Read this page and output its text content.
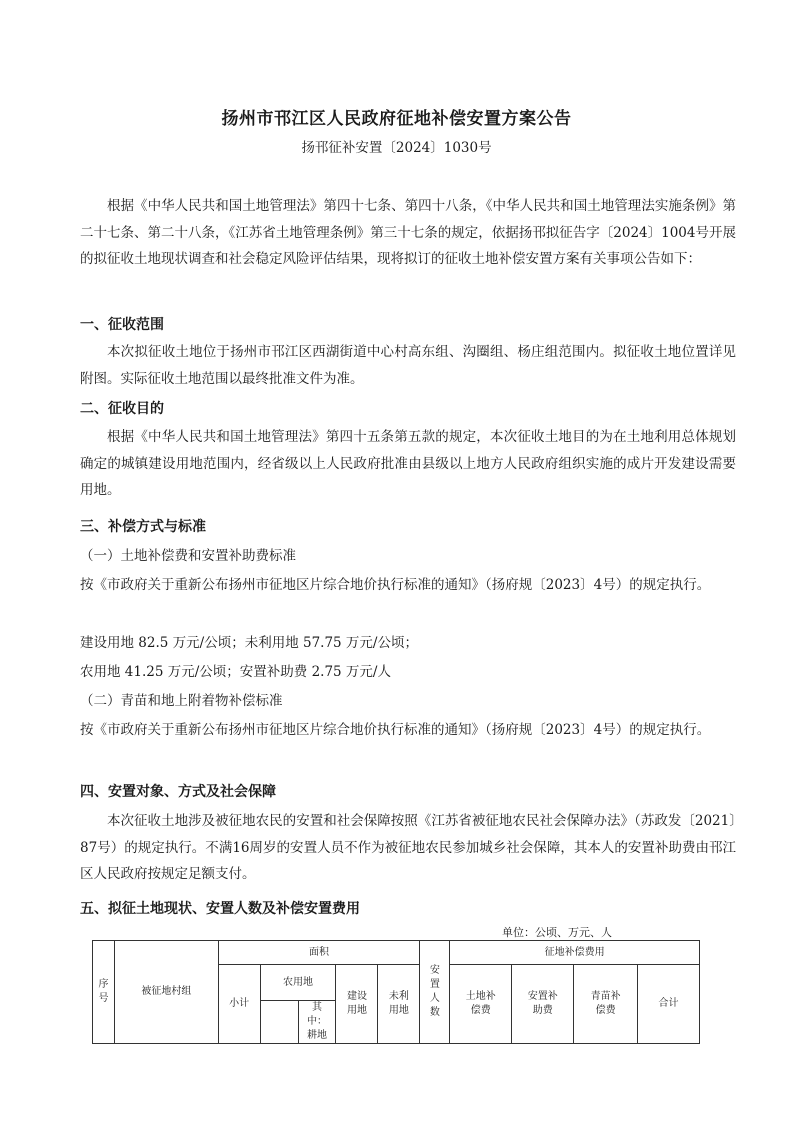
扬州市邗江区人民政府征地补偿安置方案公告
扬邗征补安置〔2024〕1030号

根据《中华人民共和国土地管理法》第四十七条、第四十八条，《中华人民共和国土地管理法实施条例》第二十七条、第二十八条，《江苏省土地管理条例》第三十七条的规定，依据扬邗拟征告字〔2024〕1004号开展的拟征收土地现状调查和社会稳定风险评估结果，现将拟订的征收土地补偿安置方案有关事项公告如下：

一、征收范围

本次拟征收土地位于扬州市邗江区西湖街道中心村高东组、沟圈组、杨庄组范围内。拟征收土地位置详见附图。实际征收土地范围以最终批准文件为准。

二、征收目的

根据《中华人民共和国土地管理法》第四十五条第五款的规定，本次征收土地目的为在土地利用总体规划确定的城镇建设用地范围内，经省级以上人民政府批准由县级以上地方人民政府组织实施的成片开发建设需要用地。

三、补偿方式与标准
（一）土地补偿费和安置补助费标准

按《市政府关于重新公布扬州市征地区片综合地价执行标准的通知》（扬府规〔2023〕4号）的规定执行。

建设用地 82.5 万元/公顷；未利用地 57.75 万元/公顷；
农用地 41.25 万元/公顷；安置补助费 2.75 万元/人
（二）青苗和地上附着物补偿标准

按《市政府关于重新公布扬州市征地区片综合地价执行标准的通知》（扬府规〔2023〕4号）的规定执行。

四、安置对象、方式及社会保障

本次征收土地涉及被征地农民的安置和社会保障按照《江苏省被征地农民社会保障办法》（苏政发〔2021〕87号）的规定执行。不满16周岁的安置人员不作为被征地农民参加城乡社会保障，其本人的安置补助费由邗江区人民政府按规定足额支付。

五、拟征土地现状、安置人数及补偿安置费用
单位：公顷、万元、人
序号	被征地村组	面积					安置人数	征地补偿费用			
		小计	农用地		建设用地	未利用地		土地补偿费	安置补助费	青苗补偿费	合计
				其中：耕地							
